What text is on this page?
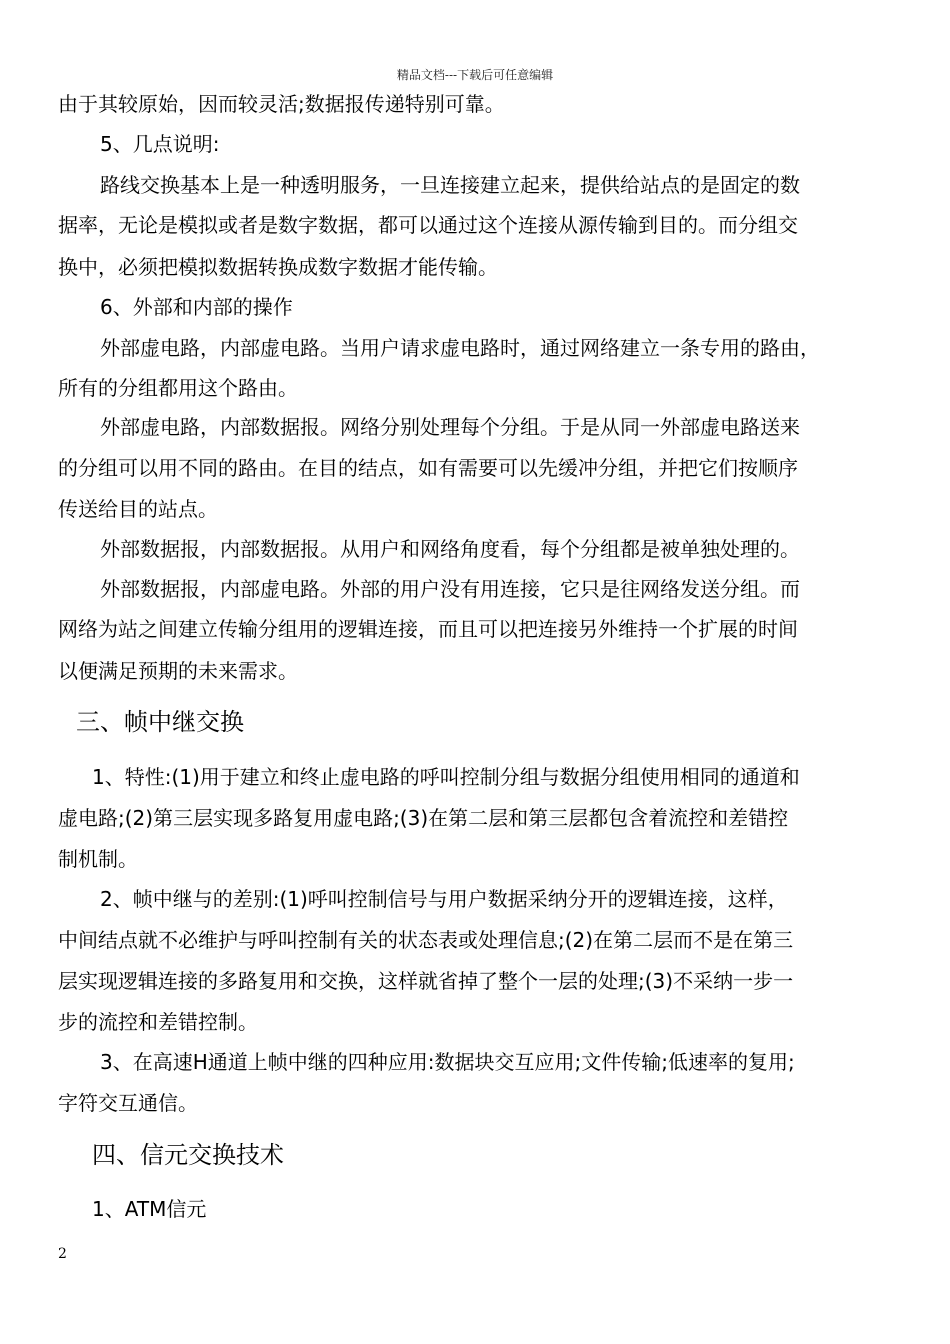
精品文档---下载后可任意编辑
由于其较原始，因而较灵活;数据报传递特别可靠。
5、几点说明:
路线交换基本上是一种透明服务，一旦连接建立起来，提供给站点的是固定的数
据率，无论是模拟或者是数字数据，都可以通过这个连接从源传输到目的。而分组交
换中，必须把模拟数据转换成数字数据才能传输。
6、外部和内部的操作
外部虚电路，内部虚电路。当用户请求虚电路时，通过网络建立一条专用的路由，
所有的分组都用这个路由。
外部虚电路，内部数据报。网络分别处理每个分组。于是从同一外部虚电路送来
的分组可以用不同的路由。在目的结点，如有需要可以先缓冲分组，并把它们按顺序
传送给目的站点。
外部数据报，内部数据报。从用户和网络角度看，每个分组都是被单独处理的。
外部数据报，内部虚电路。外部的用户没有用连接，它只是往网络发送分组。而
网络为站之间建立传输分组用的逻辑连接，而且可以把连接另外维持一个扩展的时间
以便满足预期的未来需求。
三、帧中继交换
1、特性:(1)用于建立和终止虚电路的呼叫控制分组与数据分组使用相同的通道和
虚电路;(2)第三层实现多路复用虚电路;(3)在第二层和第三层都包含着流控和差错控
制机制。
2、帧中继与的差别:(1)呼叫控制信号与用户数据采纳分开的逻辑连接，这样，
中间结点就不必维护与呼叫控制有关的状态表或处理信息;(2)在第二层而不是在第三
层实现逻辑连接的多路复用和交换，这样就省掉了整个一层的处理;(3)不采纳一步一
步的流控和差错控制。
3、在高速H通道上帧中继的四种应用:数据块交互应用;文件传输;低速率的复用;
字符交互通信。
四、信元交换技术
1、ATM信元
2
